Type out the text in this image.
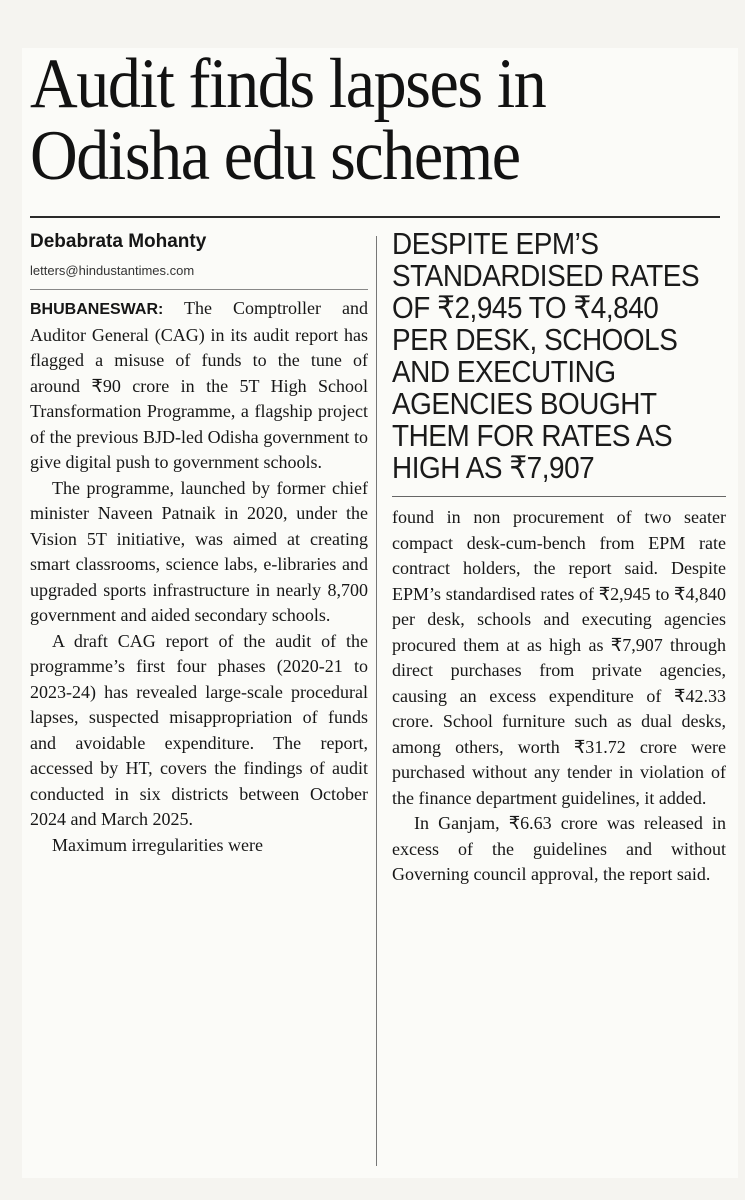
Audit finds lapses in
Odisha edu scheme

Debabrata Mohanty

letters@hindustantimes.com

BHUBANESWAR: The Comptroller and Auditor General (CAG) in its audit report has flagged a misuse of funds to the tune of around ₹90 crore in the 5T High School Transformation Programme, a flagship project of the previous BJD-led Odisha government to give digital push to government schools.

The programme, launched by former chief minister Naveen Patnaik in 2020, under the Vision 5T initiative, was aimed at creating smart classrooms, science labs, e-libraries and upgraded sports infrastructure in nearly 8,700 government and aided secondary schools.

A draft CAG report of the audit of the programme’s first four phases (2020-21 to 2023-24) has revealed large-scale procedural lapses, suspected misappropriation of funds and avoidable expenditure. The report, accessed by HT, covers the findings of audit conducted in six districts between October 2024 and March 2025.

Maximum irregularities were

DESPITE EPM’S STANDARDISED RATES OF ₹2,945 TO ₹4,840 PER DESK, SCHOOLS AND EXECUTING AGENCIES BOUGHT THEM FOR RATES AS HIGH AS ₹7,907

found in non procurement of two seater compact desk-cum-bench from EPM rate contract holders, the report said. Despite EPM’s standardised rates of ₹2,945 to ₹4,840 per desk, schools and executing agencies procured them at as high as ₹7,907 through direct purchases from private agencies, causing an excess expenditure of ₹42.33 crore. School furniture such as dual desks, among others, worth ₹31.72 crore were purchased without any tender in violation of the finance department guidelines, it added.

In Ganjam, ₹6.63 crore was released in excess of the guidelines and without Governing council approval, the report said.
